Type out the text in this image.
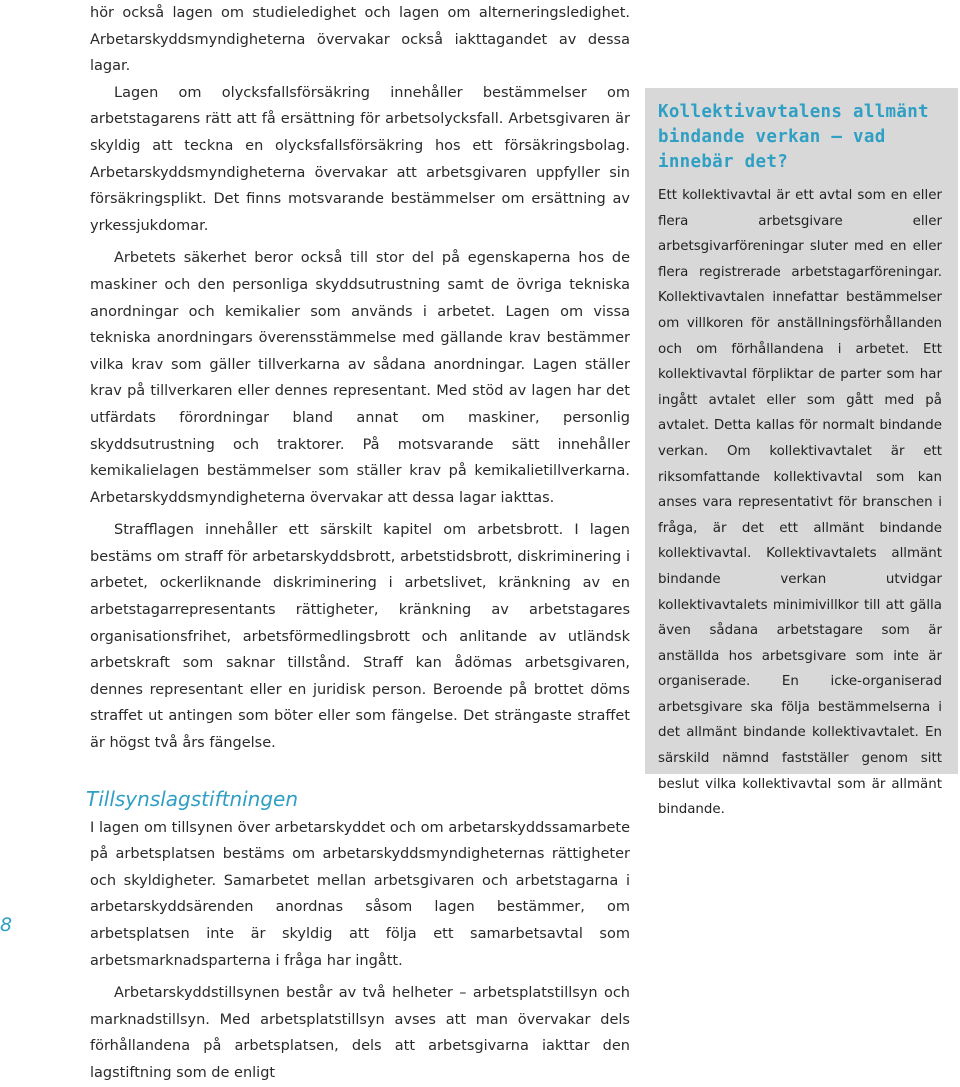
hör också lagen om studieledighet och lagen om alterneringsledighet. Arbetarskyddsmyndigheterna övervakar också iakttagandet av dessa lagar.

Lagen om olycksfallsförsäkring innehåller bestämmelser om arbetstagarens rätt att få ersättning för arbetsolycksfall. Arbetsgivaren är skyldig att teckna en olycksfallsförsäkring hos ett försäkringsbolag. Arbetarskyddsmyndigheterna övervakar att arbetsgivaren uppfyller sin försäkringsplikt. Det finns motsvarande bestämmelser om ersättning av yrkessjukdomar.

Arbetets säkerhet beror också till stor del på egenskaperna hos de maskiner och den personliga skyddsutrustning samt de övriga tekniska anordningar och kemikalier som används i arbetet. Lagen om vissa tekniska anordningars överensstämmelse med gällande krav bestämmer vilka krav som gäller tillverkarna av sådana anordningar. Lagen ställer krav på tillverkaren eller dennes representant. Med stöd av lagen har det utfärdats förordningar bland annat om maskiner, personlig skyddsutrustning och traktorer. På motsvarande sätt innehåller kemikalielagen bestämmelser som ställer krav på kemikalietillverkarna. Arbetarskyddsmyndigheterna övervakar att dessa lagar iakttas.

Strafflagen innehåller ett särskilt kapitel om arbetsbrott. I lagen bestäms om straff för arbetarskyddsbrott, arbetstidsbrott, diskriminering i arbetet, ockerliknande diskriminering i arbetslivet, kränkning av en arbetstagarrepresentants rättigheter, kränkning av arbetstagares organisationsfrihet, arbetsförmedlingsbrott och anlitande av utländsk arbetskraft som saknar tillstånd. Straff kan ådömas arbetsgivaren, dennes representant eller en juridisk person. Beroende på brottet döms straffet ut antingen som böter eller som fängelse. Det strängaste straffet är högst två års fängelse.

Tillsynslagstiftningen

I lagen om tillsynen över arbetarskyddet och om arbetarskyddssamarbete på arbetsplatsen bestäms om arbetarskyddsmyndigheternas rättigheter och skyldigheter. Samarbetet mellan arbetsgivaren och arbetstagarna i arbetarskyddsärenden anordnas såsom lagen bestämmer, om arbetsplatsen inte är skyldig att följa ett samarbetsavtal som arbetsmarknadsparterna i fråga har ingått.

Arbetarskyddstillsynen består av två helheter – arbetsplatstillsyn och marknadstillsyn. Med arbetsplatstillsyn avses att man övervakar dels förhållandena på arbetsplatsen, dels att arbetsgivarna iakttar den lagstiftning som de enligt

Kollektivavtalens allmänt bindande verkan – vad innebär det?

Ett kollektivavtal är ett avtal som en eller flera arbetsgivare eller arbetsgivarföreningar sluter med en eller flera registrerade arbetstagarföreningar. Kollektivavtalen innefattar bestämmelser om villkoren för anställningsförhållanden och om förhållandena i arbetet. Ett kollektivavtal förpliktar de parter som har ingått avtalet eller som gått med på avtalet. Detta kallas för normalt bindande verkan. Om kollektivavtalet är ett riksomfattande kollektivavtal som kan anses vara representativt för branschen i fråga, är det ett allmänt bindande kollektivavtal. Kollektivavtalets allmänt bindande verkan utvidgar kollektivavtalets minimivillkor till att gälla även sådana arbetstagare som är anställda hos arbetsgivare som inte är organiserade. En icke-organiserad arbetsgivare ska följa bestämmelserna i det allmänt bindande kollektivavtalet. En särskild nämnd fastställer genom sitt beslut vilka kollektivavtal som är allmänt bindande.

8
